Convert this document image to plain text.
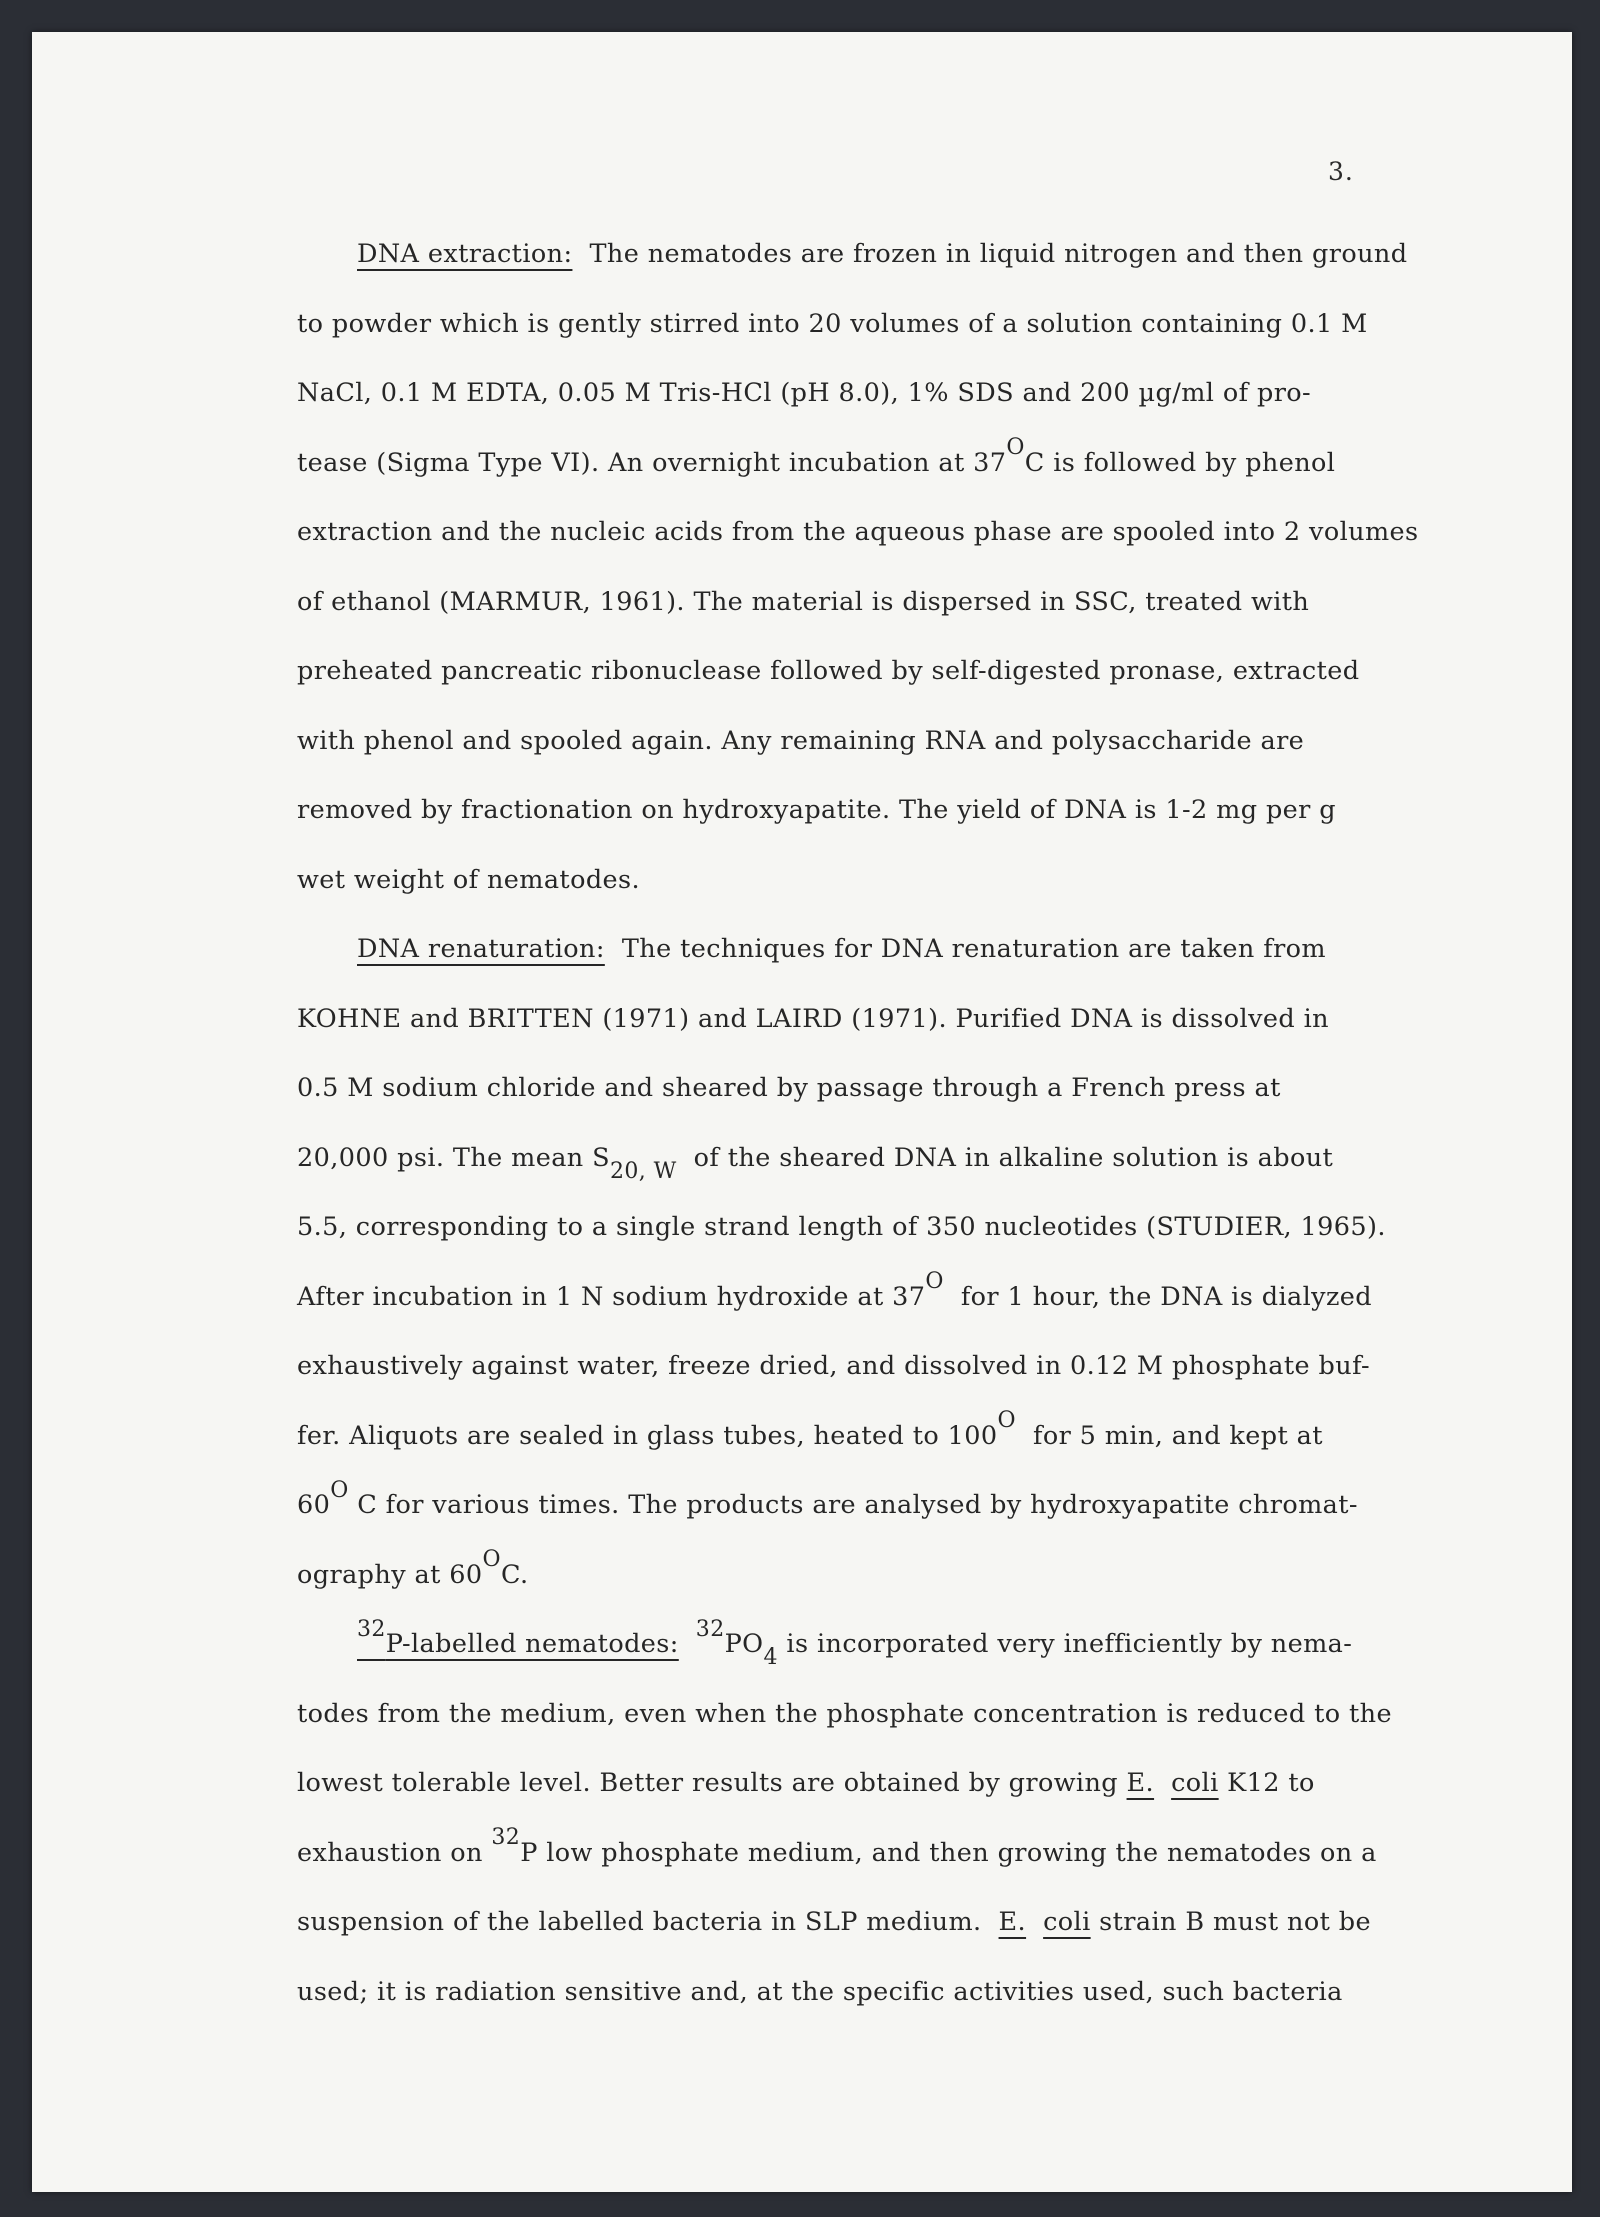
3.
DNA extraction: The nematodes are frozen in liquid nitrogen and then ground
to powder which is gently stirred into 20 volumes of a solution containing 0.1 M
NaCl, 0.1 M EDTA, 0.05 M Tris-HCl (pH 8.0), 1% SDS and 200 µg/ml of pro-
tease (Sigma Type VI). An overnight incubation at $37^OC$ is followed by phenol
extraction and the nucleic acids from the aqueous phase are spooled into 2 volumes
of ethanol (MARMUR, 1961). The material is dispersed in SSC, treated with
preheated pancreatic ribonuclease followed by self-digested pronase, extracted
with phenol and spooled again. Any remaining RNA and polysaccharide are
removed by fractionation on hydroxyapatite. The yield of DNA is 1-2 mg per g
wet weight of nematodes.
DNA renaturation: The techniques for DNA renaturation are taken from
KOHNE and BRITTEN (1971) and LAIRD (1971). Purified DNA is dissolved in
0.5 M sodium chloride and sheared by passage through a French press at
20,000 psi. The mean $S_{20, W}$ of the sheared DNA in alkaline solution is about
5.5, corresponding to a single strand length of 350 nucleotides (STUDIER, 1965).
After incubation in 1 N sodium hydroxide at $37^O$ for 1 hour, the DNA is dialyzed
exhaustively against water, freeze dried, and dissolved in 0.12 M phosphate buf-
fer. Aliquots are sealed in glass tubes, heated to $100^O$ for 5 min, and kept at
$60^O$ C for various times. The products are analysed by hydroxyapatite chromat-
ography at $60^OC$.
$^{32}$P-labelled nematodes: $^{32}PO_4$ is incorporated very inefficiently by nema-
todes from the medium, even when the phosphate concentration is reduced to the
lowest tolerable level. Better results are obtained by growing E. coli K12 to
exhaustion on $^{32}$P low phosphate medium, and then growing the nematodes on a
suspension of the labelled bacteria in SLP medium. E. coli strain B must not be
used; it is radiation sensitive and, at the specific activities used, such bacteria
